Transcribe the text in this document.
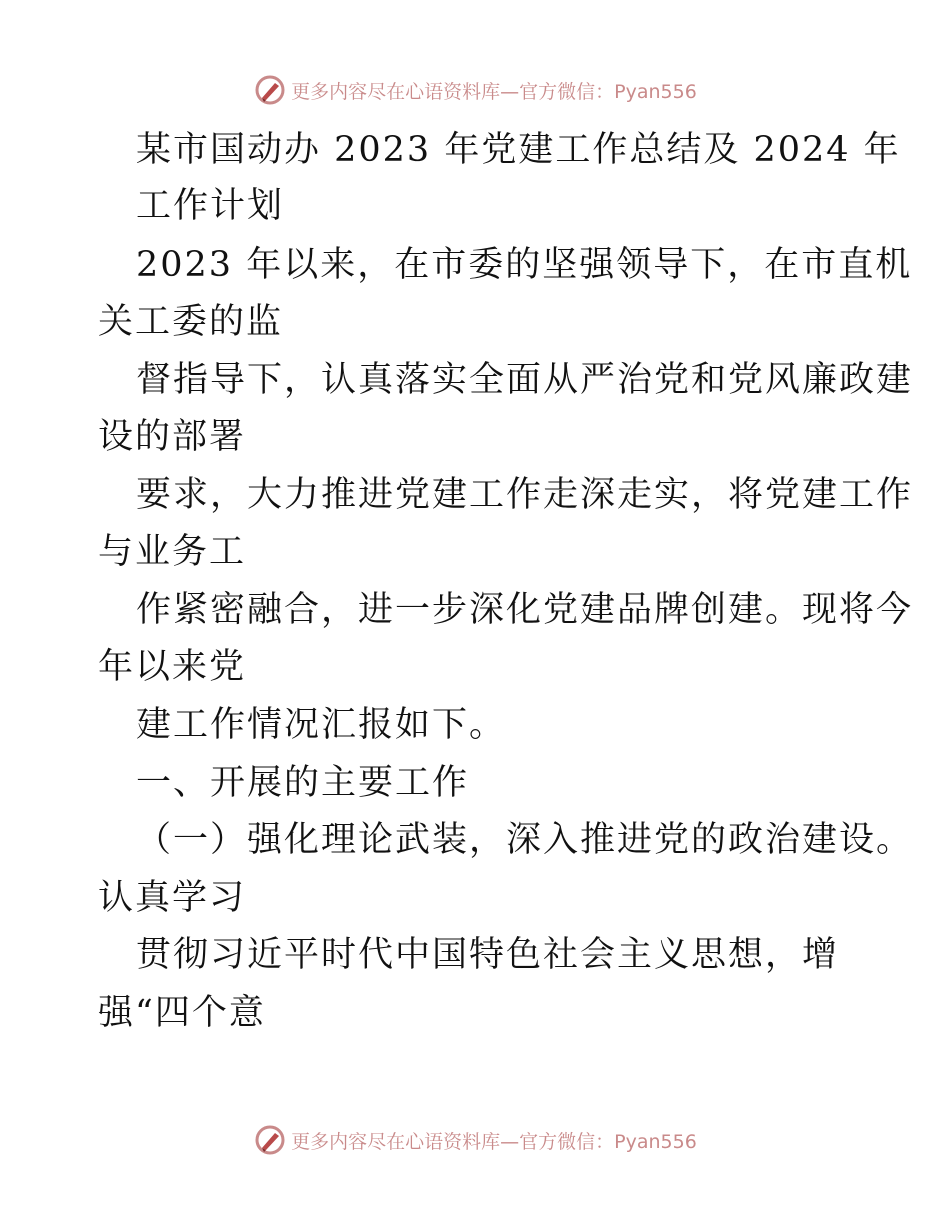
更多内容尽在心语资料库—官方微信：Pyan556
某市国动办 2023 年党建工作总结及 2024 年
工作计划
2023 年以来，在市委的坚强领导下，在市直机
关工委的监
督指导下，认真落实全面从严治党和党风廉政建
设的部署
要求，大力推进党建工作走深走实，将党建工作
与业务工
作紧密融合，进一步深化党建品牌创建。现将今
年以来党
建工作情况汇报如下。
一、开展的主要工作
（一）强化理论武装，深入推进党的政治建设。
认真学习
贯彻习近平时代中国特色社会主义思想，增
强“四个意
更多内容尽在心语资料库—官方微信：Pyan556
